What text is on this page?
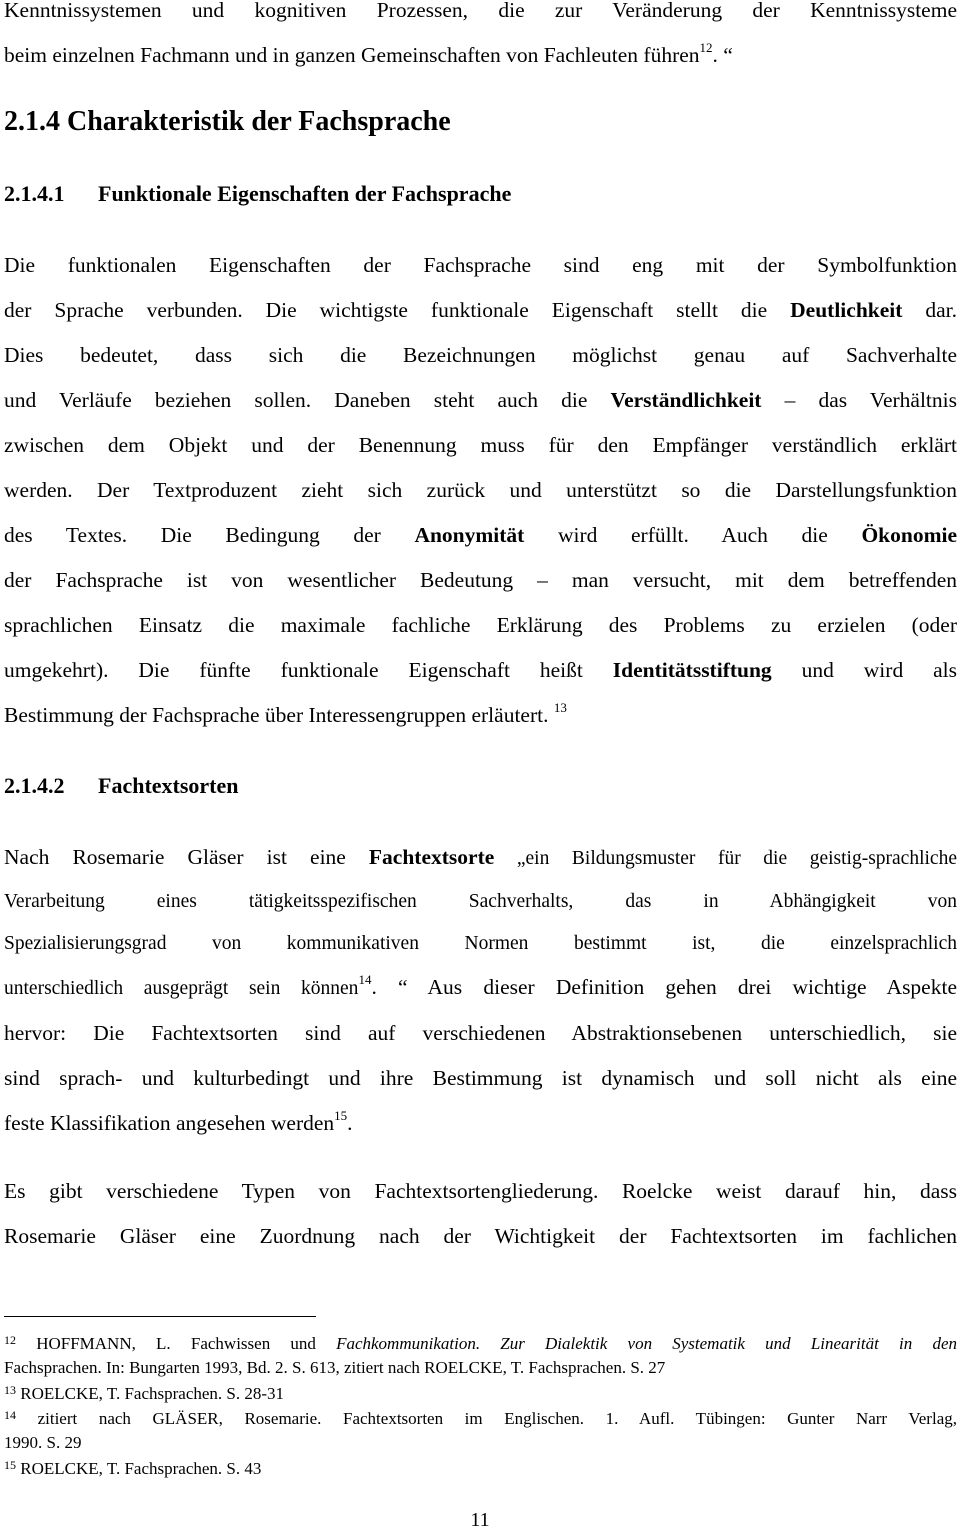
Kenntnissystemen und kognitiven Prozessen, die zur Veränderung der Kenntnissysteme
beim einzelnen Fachmann und in ganzen Gemeinschaften von Fachleuten führen$^{12}$. “
2.1.4 Charakteristik der Fachsprache
2.1.4.1 Funktionale Eigenschaften der Fachsprache
Die funktionalen Eigenschaften der Fachsprache sind eng mit der Symbolfunktion
der Sprache verbunden. Die wichtigste funktionale Eigenschaft stellt die Deutlichkeit dar.
Dies bedeutet, dass sich die Bezeichnungen möglichst genau auf Sachverhalte
und Verläufe beziehen sollen. Daneben steht auch die Verständlichkeit – das Verhältnis
zwischen dem Objekt und der Benennung muss für den Empfänger verständlich erklärt
werden. Der Textproduzent zieht sich zurück und unterstützt so die Darstellungsfunktion
des Textes. Die Bedingung der Anonymität wird erfüllt. Auch die Ökonomie
der Fachsprache ist von wesentlicher Bedeutung – man versucht, mit dem betreffenden
sprachlichen Einsatz die maximale fachliche Erklärung des Problems zu erzielen (oder
umgekehrt). Die fünfte funktionale Eigenschaft heißt Identitätsstiftung und wird als
Bestimmung der Fachsprache über Interessengruppen erläutert. $^{13}$
2.1.4.2 Fachtextsorten
Nach Rosemarie Gläser ist eine Fachtextsorte „ein Bildungsmuster für die geistig-sprachliche
Verarbeitung eines tätigkeitsspezifischen Sachverhalts, das in Abhängigkeit von
Spezialisierungsgrad von kommunikativen Normen bestimmt ist, die einzelsprachlich
unterschiedlich ausgeprägt sein können$^{14}$. “ Aus dieser Definition gehen drei wichtige Aspekte
hervor: Die Fachtextsorten sind auf verschiedenen Abstraktionsebenen unterschiedlich, sie
sind sprach- und kulturbedingt und ihre Bestimmung ist dynamisch und soll nicht als eine
feste Klassifikation angesehen werden$^{15}$.
Es gibt verschiedene Typen von Fachtextsortengliederung. Roelcke weist darauf hin, dass
Rosemarie Gläser eine Zuordnung nach der Wichtigkeit der Fachtextsorten im fachlichen
$^{12}$ HOFFMANN, L. Fachwissen und Fachkommunikation. Zur Dialektik von Systematik und Linearität in den
Fachsprachen. In: Bungarten 1993, Bd. 2. S. 613, zitiert nach ROELCKE, T. Fachsprachen. S. 27
$^{13}$ ROELCKE, T. Fachsprachen. S. 28-31
$^{14}$ zitiert nach GLÄSER, Rosemarie. Fachtextsorten im Englischen. 1. Aufl. Tübingen: Gunter Narr Verlag,
1990. S. 29
$^{15}$ ROELCKE, T. Fachsprachen. S. 43
11
